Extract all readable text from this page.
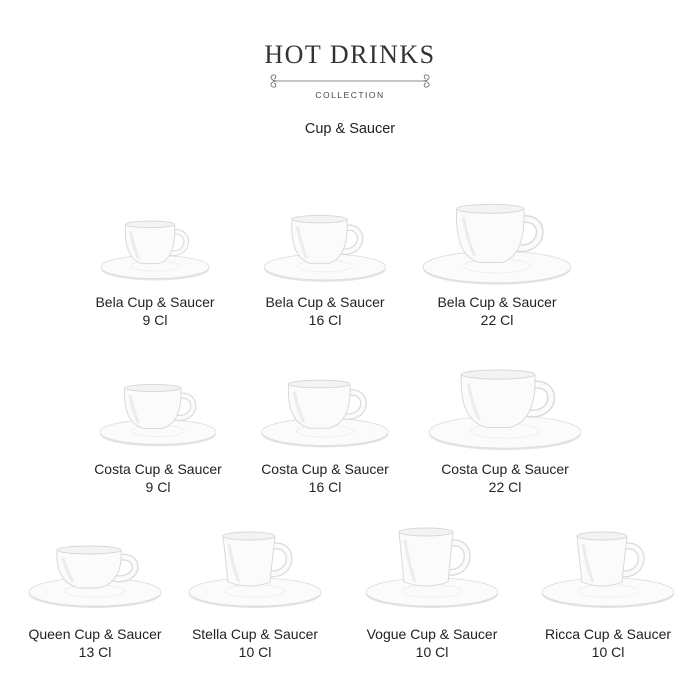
HOT DRINKS
COLLECTION
Cup & Saucer
Bela Cup & Saucer
9 Cl
Bela Cup & Saucer
16 Cl
Bela Cup & Saucer
22 Cl
Costa Cup & Saucer
9 Cl
Costa Cup & Saucer
16 Cl
Costa Cup & Saucer
22 Cl
Queen Cup & Saucer
13 Cl
Stella Cup & Saucer
10 Cl
Vogue Cup & Saucer
10 Cl
Ricca Cup & Saucer
10 Cl
